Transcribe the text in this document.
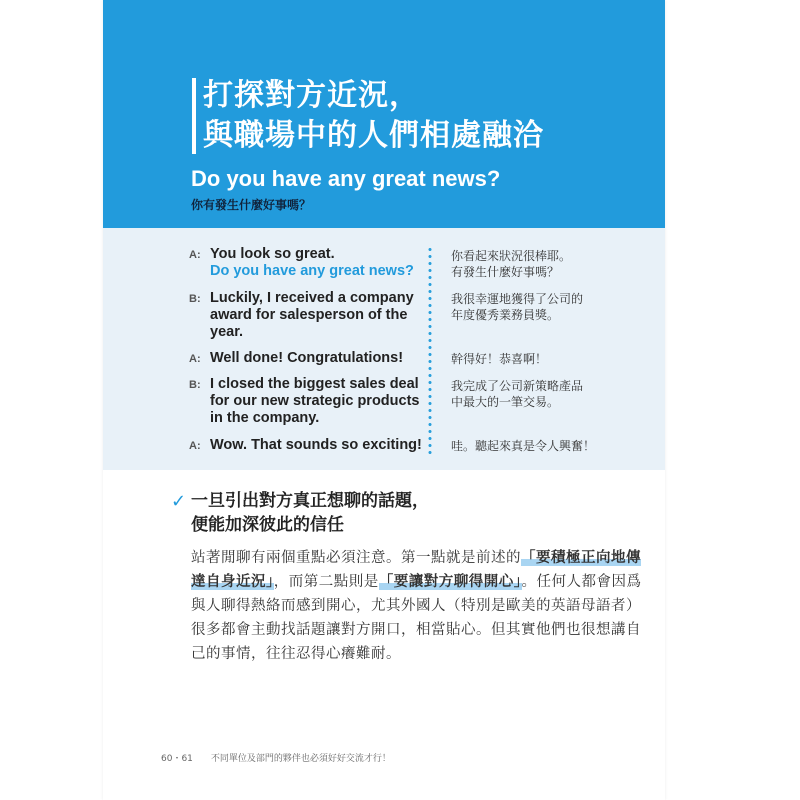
打探對方近況，
與職場中的人們相處融洽
Do you have any great news?
你有發生什麼好事嗎？
A: You look so great.
Do you have any great news?
你看起來狀況很棒耶。
有發生什麼好事嗎？
B: Luckily, I received a company award for salesperson of the year.
我很幸運地獲得了公司的
年度優秀業務員獎。
A: Well done! Congratulations!	幹得好！恭喜啊！
B: I closed the biggest sales deal for our new strategic products in the company.
我完成了公司新策略產品
中最大的一筆交易。
A: Wow. That sounds so exciting! 哇。聽起來真是令人興奮！
✓ 一旦引出對方真正想聊的話題，
便能加深彼此的信任
站著閒聊有兩個重點必須注意。第一點就是前述的「要積極正向地傳達自身近況」，而第二點則是「要讓對方聊得開心」。任何人都會因爲與人聊得熱絡而感到開心，尤其外國人（特別是歐美的英語母語者）很多都會主動找話題讓對方開口，相當貼心。但其實他們也很想講自己的事情，往往忍得心癢難耐。
60・61 不同單位及部門的夥伴也必須好好交流才行！
